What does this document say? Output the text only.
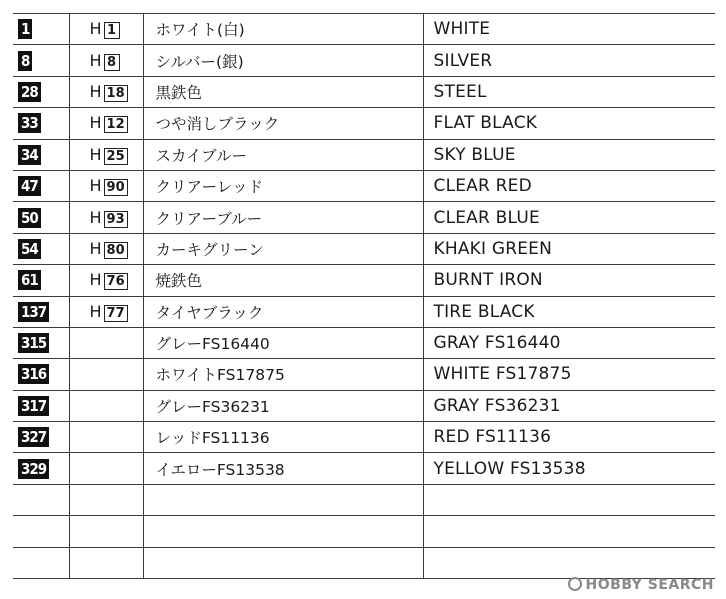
1	H 1	ホワイト(白)	WHITE
8	H 8	シルバー(銀)	SILVER
28	H 18	黒鉄色	STEEL
33	H 12	つや消しブラック	FLAT BLACK
34	H 25	スカイブルー	SKY BLUE
47	H 90	クリアーレッド	CLEAR RED
50	H 93	クリアーブルー	CLEAR BLUE
54	H 80	カーキグリーン	KHAKI GREEN
61	H 76	焼鉄色	BURNT IRON
137	H 77	タイヤブラック	TIRE BLACK
315		グレーFS16440	GRAY FS16440
316		ホワイトFS17875	WHITE FS17875
317		グレーFS36231	GRAY FS36231
327		レッドFS11136	RED FS11136
329		イエローFS13538	YELLOW FS13538

HOBBY SEARCH
